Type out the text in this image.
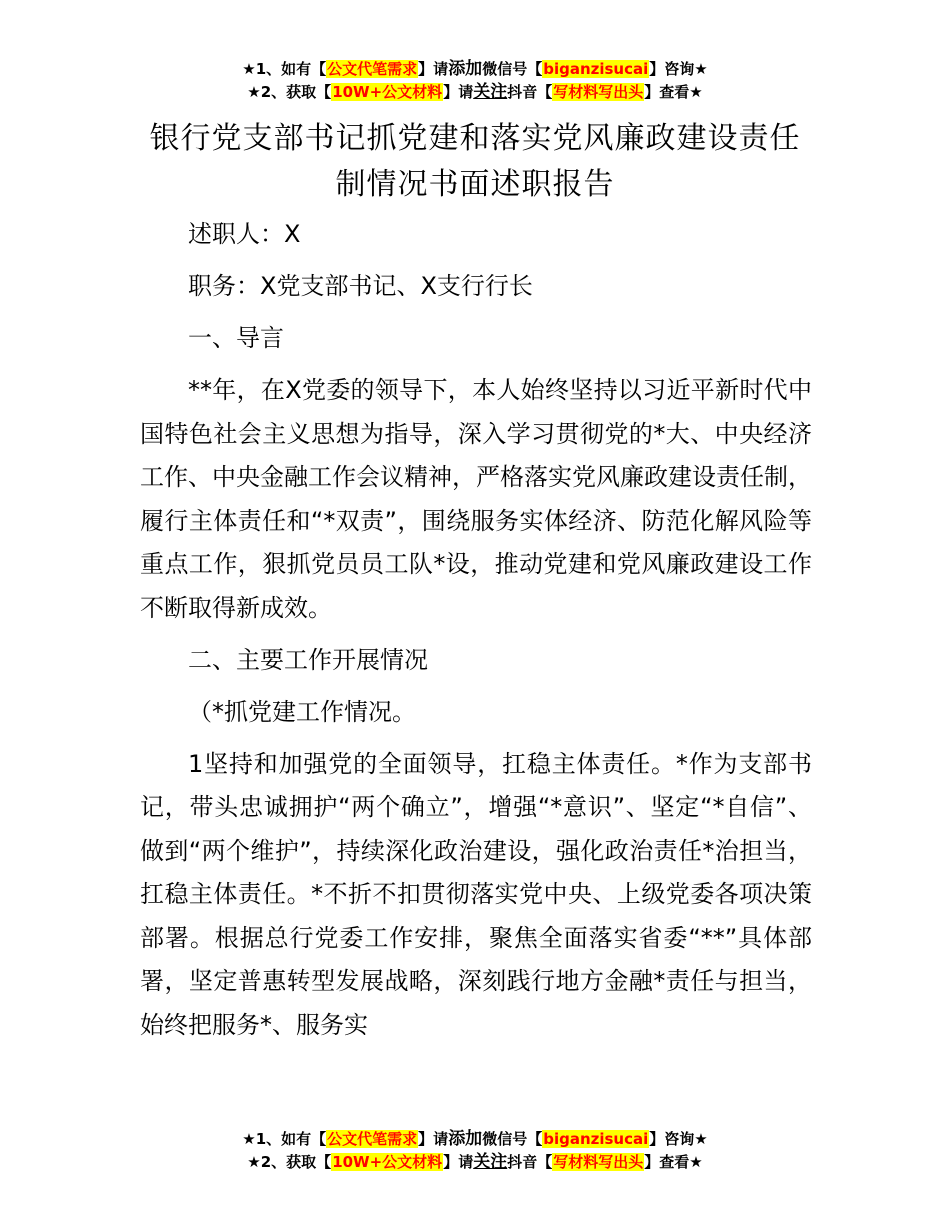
★1、如有【公文代笔需求】请添加微信号【biganzisucai】咨询★
★2、获取【10W+公文材料】请关注抖音【写材料写出头】查看★
银行党支部书记抓党建和落实党风廉政建设责任制情况书面述职报告

述职人：X

职务：X党支部书记、X支行行长

一、导言

**年，在X党委的领导下，本人始终坚持以习近平新时代中国特色社会主义思想为指导，深入学习贯彻党的*大、中央经济工作、中央金融工作会议精神，严格落实党风廉政建设责任制，履行主体责任和“*双责”，围绕服务实体经济、防范化解风险等重点工作，狠抓党员员工队*设，推动党建和党风廉政建设工作不断取得新成效。

二、主要工作开展情况

（*抓党建工作情况。

1坚持和加强党的全面领导，扛稳主体责任。*作为支部书记，带头忠诚拥护“两个确立”，增强“*意识”、坚定“*自信”、做到“两个维护”，持续深化政治建设，强化政治责任*治担当，扛稳主体责任。*不折不扣贯彻落实党中央、上级党委各项决策部署。根据总行党委工作安排，聚焦全面落实省委“**”具体部署，坚定普惠转型发展战略，深刻践行地方金融*责任与担当，始终把服务*、服务实

★1、如有【公文代笔需求】请添加微信号【biganzisucai】咨询★
★2、获取【10W+公文材料】请关注抖音【写材料写出头】查看★
